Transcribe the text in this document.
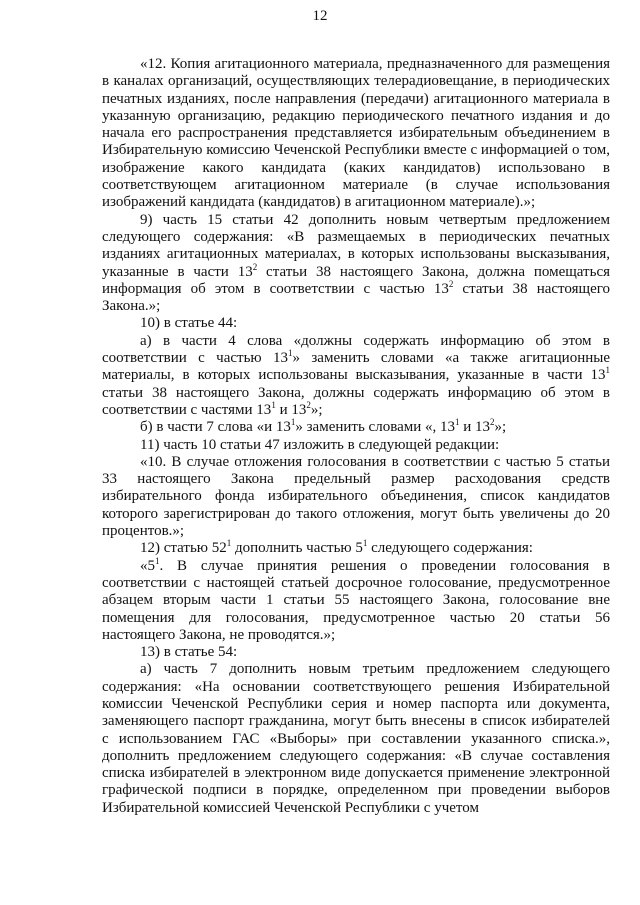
12

«12. Копия агитационного материала, предназначенного для размещения в каналах организаций, осуществляющих телерадиовещание, в периодических печатных изданиях, после направления (передачи) агитационного материала в указанную организацию, редакцию периодического печатного издания и до начала его распространения представляется избирательным объединением в Избирательную комиссию Чеченской Республики вместе с информацией о том, изображение какого кандидата (каких кандидатов) использовано в соответствующем агитационном материале (в случае использования изображений кандидата (кандидатов) в агитационном материале).»;

9) часть 15 статьи 42 дополнить новым четвертым предложением следующего содержания: «В размещаемых в периодических печатных изданиях агитационных материалах, в которых использованы высказывания, указанные в части $13^2$ статьи 38 настоящего Закона, должна помещаться информация об этом в соответствии с частью $13^2$ статьи 38 настоящего Закона.»;

10) в статье 44:

а) в части 4 слова «должны содержать информацию об этом в соответствии с частью $13^1$» заменить словами «а также агитационные материалы, в которых использованы высказывания, указанные в части $13^1$ статьи 38 настоящего Закона, должны содержать информацию об этом в соответствии с частями $13^1$ и $13^2$»;

б) в части 7 слова «и $13^1$» заменить словами «, $13^1$ и $13^2$»;

11) часть 10 статьи 47 изложить в следующей редакции:

«10. В случае отложения голосования в соответствии с частью 5 статьи 33 настоящего Закона предельный размер расходования средств избирательного фонда избирательного объединения, список кандидатов которого зарегистрирован до такого отложения, могут быть увеличены до 20 процентов.»;

12) статью $52^1$ дополнить частью $5^1$ следующего содержания:

«$5^1$. В случае принятия решения о проведении голосования в соответствии с настоящей статьей досрочное голосование, предусмотренное абзацем вторым части 1 статьи 55 настоящего Закона, голосование вне помещения для голосования, предусмотренное частью 20 статьи 56 настоящего Закона, не проводятся.»;

13) в статье 54:

а) часть 7 дополнить новым третьим предложением следующего содержания: «На основании соответствующего решения Избирательной комиссии Чеченской Республики серия и номер паспорта или документа, заменяющего паспорт гражданина, могут быть внесены в список избирателей с использованием ГАС «Выборы» при составлении указанного списка.», дополнить предложением следующего содержания: «В случае составления списка избирателей в электронном виде допускается применение электронной графической подписи в порядке, определенном при проведении выборов Избирательной комиссией Чеченской Республики с учетом
